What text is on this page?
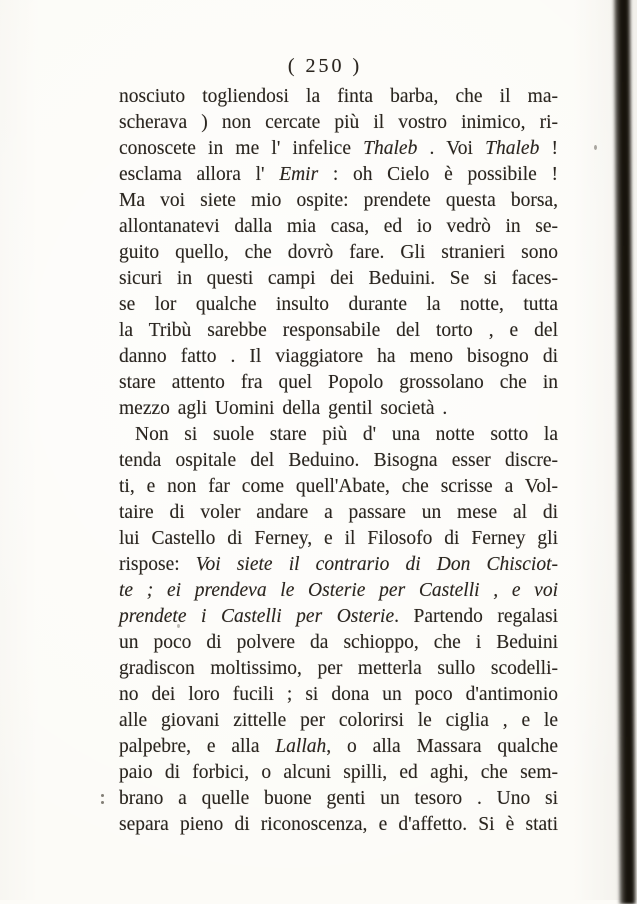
( 250 )
nosciuto togliendosi la finta barba, che il ma-
scherava ) non cercate più il vostro inimico, ri-
conoscete in me l' infelice Thaleb . Voi Thaleb !
esclama allora l' Emir : oh Cielo è possibile !
Ma voi siete mio ospite: prendete questa borsa,
allontanatevi dalla mia casa, ed io vedrò in se-
guito quello, che dovrò fare. Gli stranieri sono
sicuri in questi campi dei Beduini. Se si faces-
se lor qualche insulto durante la notte, tutta
la Tribù sarebbe responsabile del torto , e del
danno fatto . Il viaggiatore ha meno bisogno di
stare attento fra quel Popolo grossolano che in
mezzo agli Uomini della gentil società .
Non si suole stare più d' una notte sotto la
tenda ospitale del Beduino. Bisogna esser discre-
ti, e non far come quell'Abate, che scrisse a Vol-
taire di voler andare a passare un mese al di
lui Castello di Ferney, e il Filosofo di Ferney gli
rispose: Voi siete il contrario di Don Chisciot-
te ; ei prendeva le Osterie per Castelli , e voi
prendete i Castelli per Osterie. Partendo regalasi
un poco di polvere da schioppo, che i Beduini
gradiscon moltissimo, per metterla sullo scodelli-
no dei loro fucili ; si dona un poco d'antimonio
alle giovani zittelle per colorirsi le ciglia , e le
palpebre, e alla Lallah, o alla Massara qualche
paio di forbici, o alcuni spilli, ed aghi, che sem-
brano a quelle buone genti un tesoro . Uno si
separa pieno di riconoscenza, e d'affetto. Si è stati
